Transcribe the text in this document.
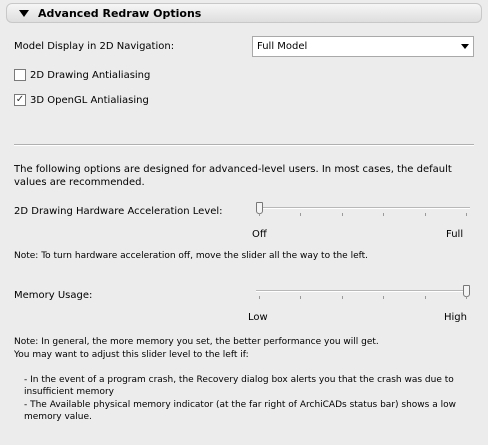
Advanced Redraw Options
Model Display in 2D Navigation:	Full Model
2D Drawing Antialiasing
✓ 3D OpenGL Antialiasing
The following options are designed for advanced-level users. In most cases, the default values are recommended.
2D Drawing Hardware Acceleration Level:
Off	Full
Note: To turn hardware acceleration off, move the slider all the way to the left.
Memory Usage:
Low	High
Note: In general, the more memory you set, the better performance you will get.
You may want to adjust this slider level to the left if:
- In the event of a program crash, the Recovery dialog box alerts you that the crash was due to insufficient memory
- The Available physical memory indicator (at the far right of ArchiCADs status bar) shows a low memory value.
